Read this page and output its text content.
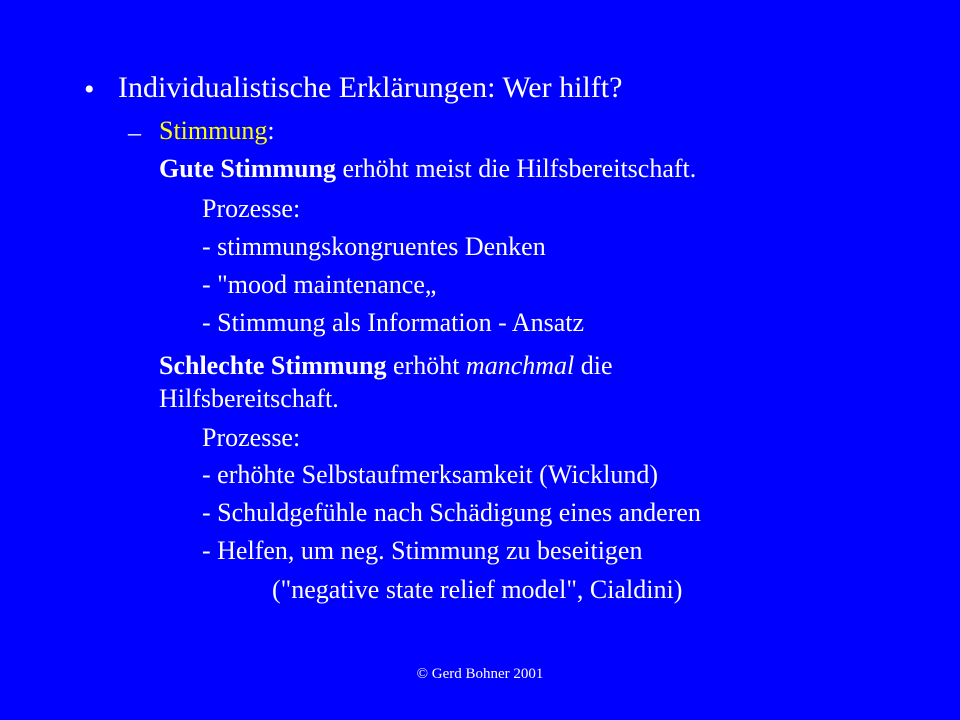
• Individualistische Erklärungen: Wer hilft?
– Stimmung:
Gute Stimmung erhöht meist die Hilfsbereitschaft.
Prozesse:
- stimmungskongruentes Denken
- "mood maintenance„
- Stimmung als Information - Ansatz
Schlechte Stimmung erhöht manchmal die
Hilfsbereitschaft.
Prozesse:
- erhöhte Selbstaufmerksamkeit (Wicklund)
- Schuldgefühle nach Schädigung eines anderen
- Helfen, um neg. Stimmung zu beseitigen
("negative state relief model", Cialdini)
© Gerd Bohner 2001
